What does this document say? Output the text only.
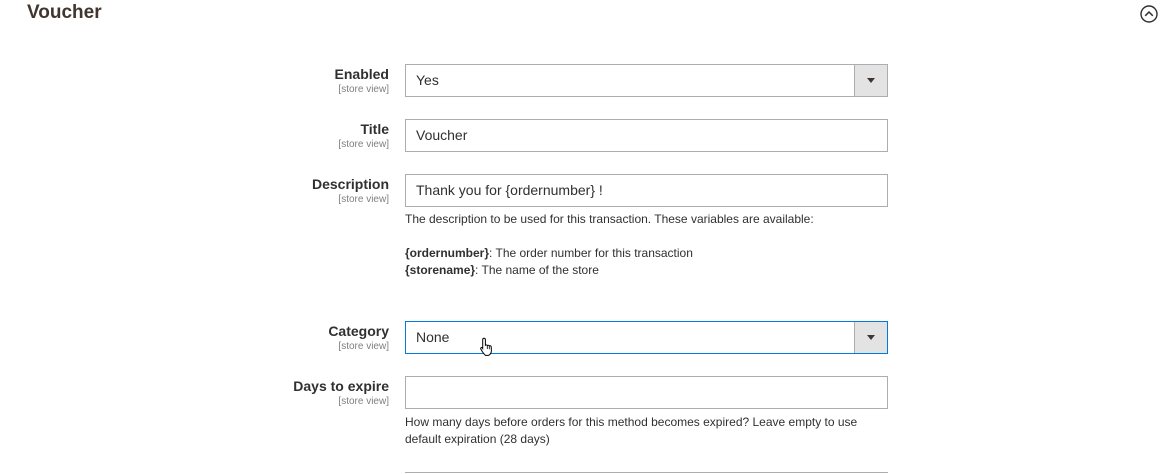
Voucher
Enabled
[store view]
Yes
Title
[store view]
Voucher
Description
[store view]
Thank you for {ordernumber} !
The description to be used for this transaction. These variables are available:
{ordernumber}: The order number for this transaction
{storename}: The name of the store
Category
[store view]
None
Days to expire
[store view]
How many days before orders for this method becomes expired? Leave empty to use default expiration (28 days)
